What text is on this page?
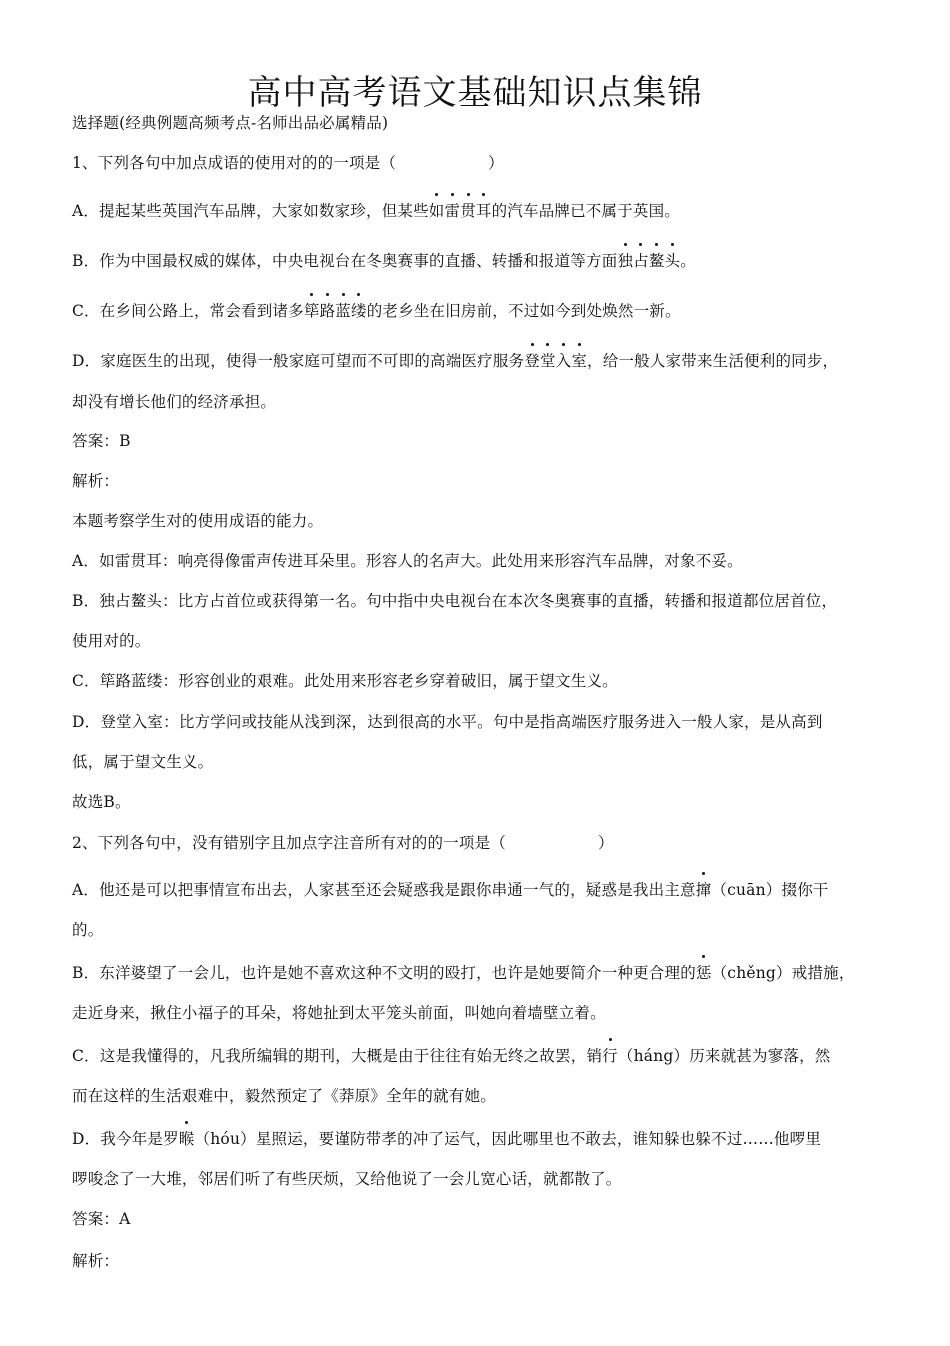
高中高考语文基础知识点集锦
选择题(经典例题高频考点-名师出品必属精品)
1、下列各句中加点成语的使用对的的一项是（	）
A．提起某些英国汽车品牌，大家如数家珍，但某些如雷贯耳的汽车品牌已不属于英国。
B．作为中国最权威的媒体，中央电视台在冬奥赛事的直播、转播和报道等方面独占鳌头。
C．在乡间公路上，常会看到诸多筚路蓝缕的老乡坐在旧房前，不过如今到处焕然一新。
D．家庭医生的出现，使得一般家庭可望而不可即的高端医疗服务登堂入室，给一般人家带来生活便利的同步，
却没有增长他们的经济承担。
答案：B
解析：
本题考察学生对的使用成语的能力。
A．如雷贯耳：响亮得像雷声传进耳朵里。形容人的名声大。此处用来形容汽车品牌，对象不妥。
B．独占鳌头：比方占首位或获得第一名。句中指中央电视台在本次冬奥赛事的直播，转播和报道都位居首位，
使用对的。
C．筚路蓝缕：形容创业的艰难。此处用来形容老乡穿着破旧，属于望文生义。
D．登堂入室：比方学问或技能从浅到深，达到很高的水平。句中是指高端医疗服务进入一般人家，是从高到
低，属于望文生义。
故选B。
2、下列各句中，没有错别字且加点字注音所有对的的一项是（	）
A．他还是可以把事情宣布出去，人家甚至还会疑惑我是跟你串通一气的，疑惑是我出主意撺（cuān）掇你干
的。
B．东洋婆望了一会儿，也许是她不喜欢这种不文明的殴打，也许是她要简介一种更合理的惩（chěng）戒措施，
走近身来，揪住小福子的耳朵，将她扯到太平笼头前面，叫她向着墙壁立着。
C．这是我懂得的，凡我所编辑的期刊，大概是由于往往有始无终之故罢，销行（háng）历来就甚为寥落，然
而在这样的生活艰难中，毅然预定了《莽原》全年的就有她。
D．我今年是罗睺（hóu）星照运，要谨防带孝的冲了运气，因此哪里也不敢去，谁知躲也躲不过……他啰里
啰唆念了一大堆，邻居们听了有些厌烦，又给他说了一会儿宽心话，就都散了。
答案：A
解析：
